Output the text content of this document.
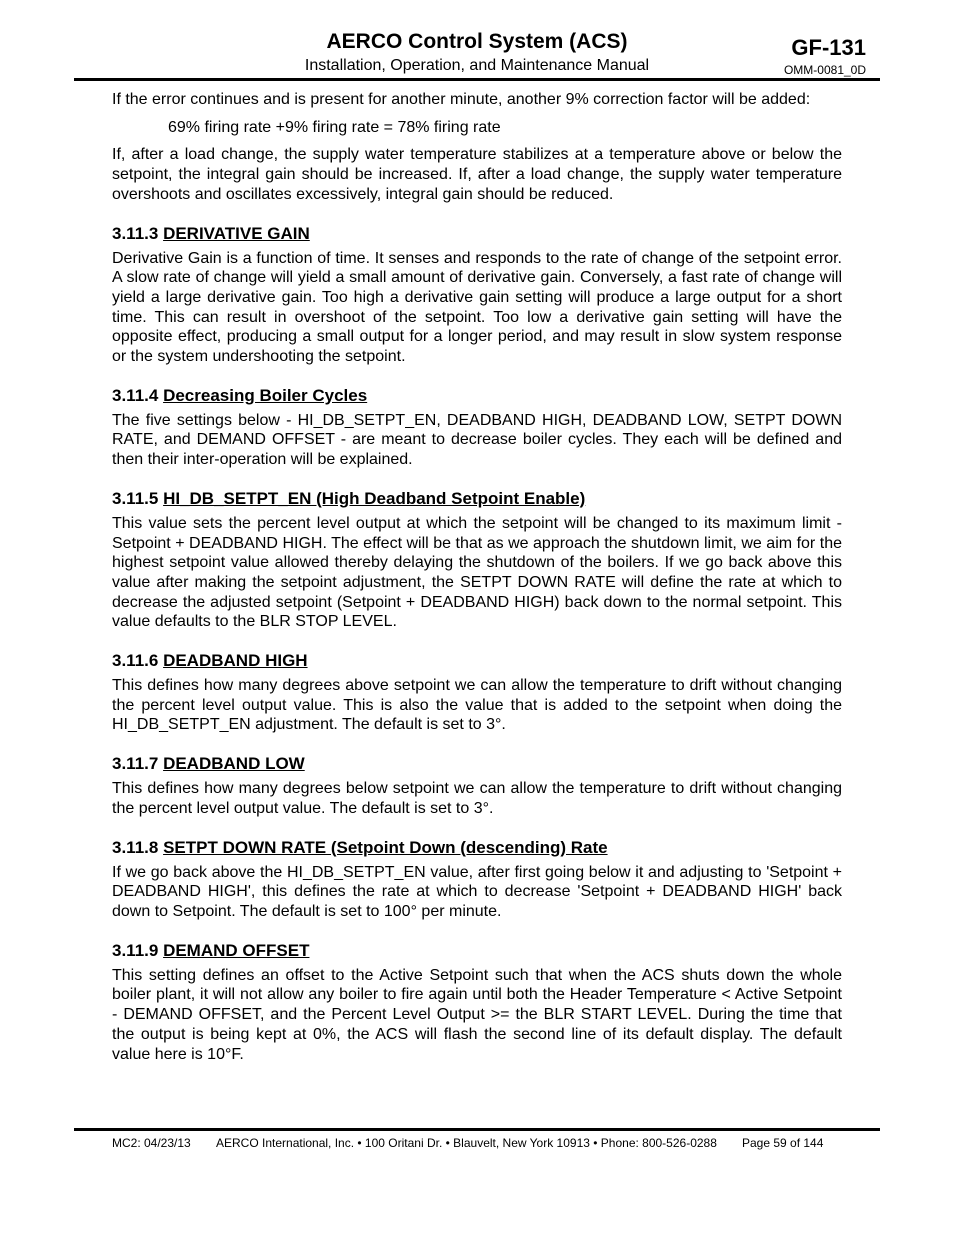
AERCO Control System (ACS)
Installation, Operation, and Maintenance Manual
GF-131
OMM-0081_0D

If the error continues and is present for another minute, another 9% correction factor will be added:

69% firing rate +9% firing rate = 78% firing rate

If, after a load change, the supply water temperature stabilizes at a temperature above or below the setpoint, the integral gain should be increased. If, after a load change, the supply water temperature overshoots and oscillates excessively, integral gain should be reduced.

3.11.3 DERIVATIVE GAIN

Derivative Gain is a function of time. It senses and responds to the rate of change of the setpoint error. A slow rate of change will yield a small amount of derivative gain. Conversely, a fast rate of change will yield a large derivative gain. Too high a derivative gain setting will produce a large output for a short time. This can result in overshoot of the setpoint. Too low a derivative gain setting will have the opposite effect, producing a small output for a longer period, and may result in slow system response or the system undershooting the setpoint.

3.11.4 Decreasing Boiler Cycles

The five settings below - HI_DB_SETPT_EN, DEADBAND HIGH, DEADBAND LOW, SETPT DOWN RATE, and DEMAND OFFSET - are meant to decrease boiler cycles. They each will be defined and then their inter-operation will be explained.

3.11.5 HI_DB_SETPT_EN (High Deadband Setpoint Enable)

This value sets the percent level output at which the setpoint will be changed to its maximum limit - Setpoint + DEADBAND HIGH. The effect will be that as we approach the shutdown limit, we aim for the highest setpoint value allowed thereby delaying the shutdown of the boilers. If we go back above this value after making the setpoint adjustment, the SETPT DOWN RATE will define the rate at which to decrease the adjusted setpoint (Setpoint + DEADBAND HIGH) back down to the normal setpoint. This value defaults to the BLR STOP LEVEL.

3.11.6 DEADBAND HIGH

This defines how many degrees above setpoint we can allow the temperature to drift without changing the percent level output value. This is also the value that is added to the setpoint when doing the HI_DB_SETPT_EN adjustment. The default is set to 3°.

3.11.7 DEADBAND LOW

This defines how many degrees below setpoint we can allow the temperature to drift without changing the percent level output value. The default is set to 3°.

3.11.8 SETPT DOWN RATE (Setpoint Down (descending) Rate

If we go back above the HI_DB_SETPT_EN value, after first going below it and adjusting to 'Setpoint + DEADBAND HIGH', this defines the rate at which to decrease 'Setpoint + DEADBAND HIGH' back down to Setpoint. The default is set to 100° per minute.

3.11.9 DEMAND OFFSET

This setting defines an offset to the Active Setpoint such that when the ACS shuts down the whole boiler plant, it will not allow any boiler to fire again until both the Header Temperature < Active Setpoint - DEMAND OFFSET, and the Percent Level Output >= the BLR START LEVEL. During the time that the output is being kept at 0%, the ACS will flash the second line of its default display. The default value here is 10°F.

MC2: 04/23/13 AERCO International, Inc. • 100 Oritani Dr. • Blauvelt, New York 10913 • Phone: 800-526-0288 Page 59 of 144
